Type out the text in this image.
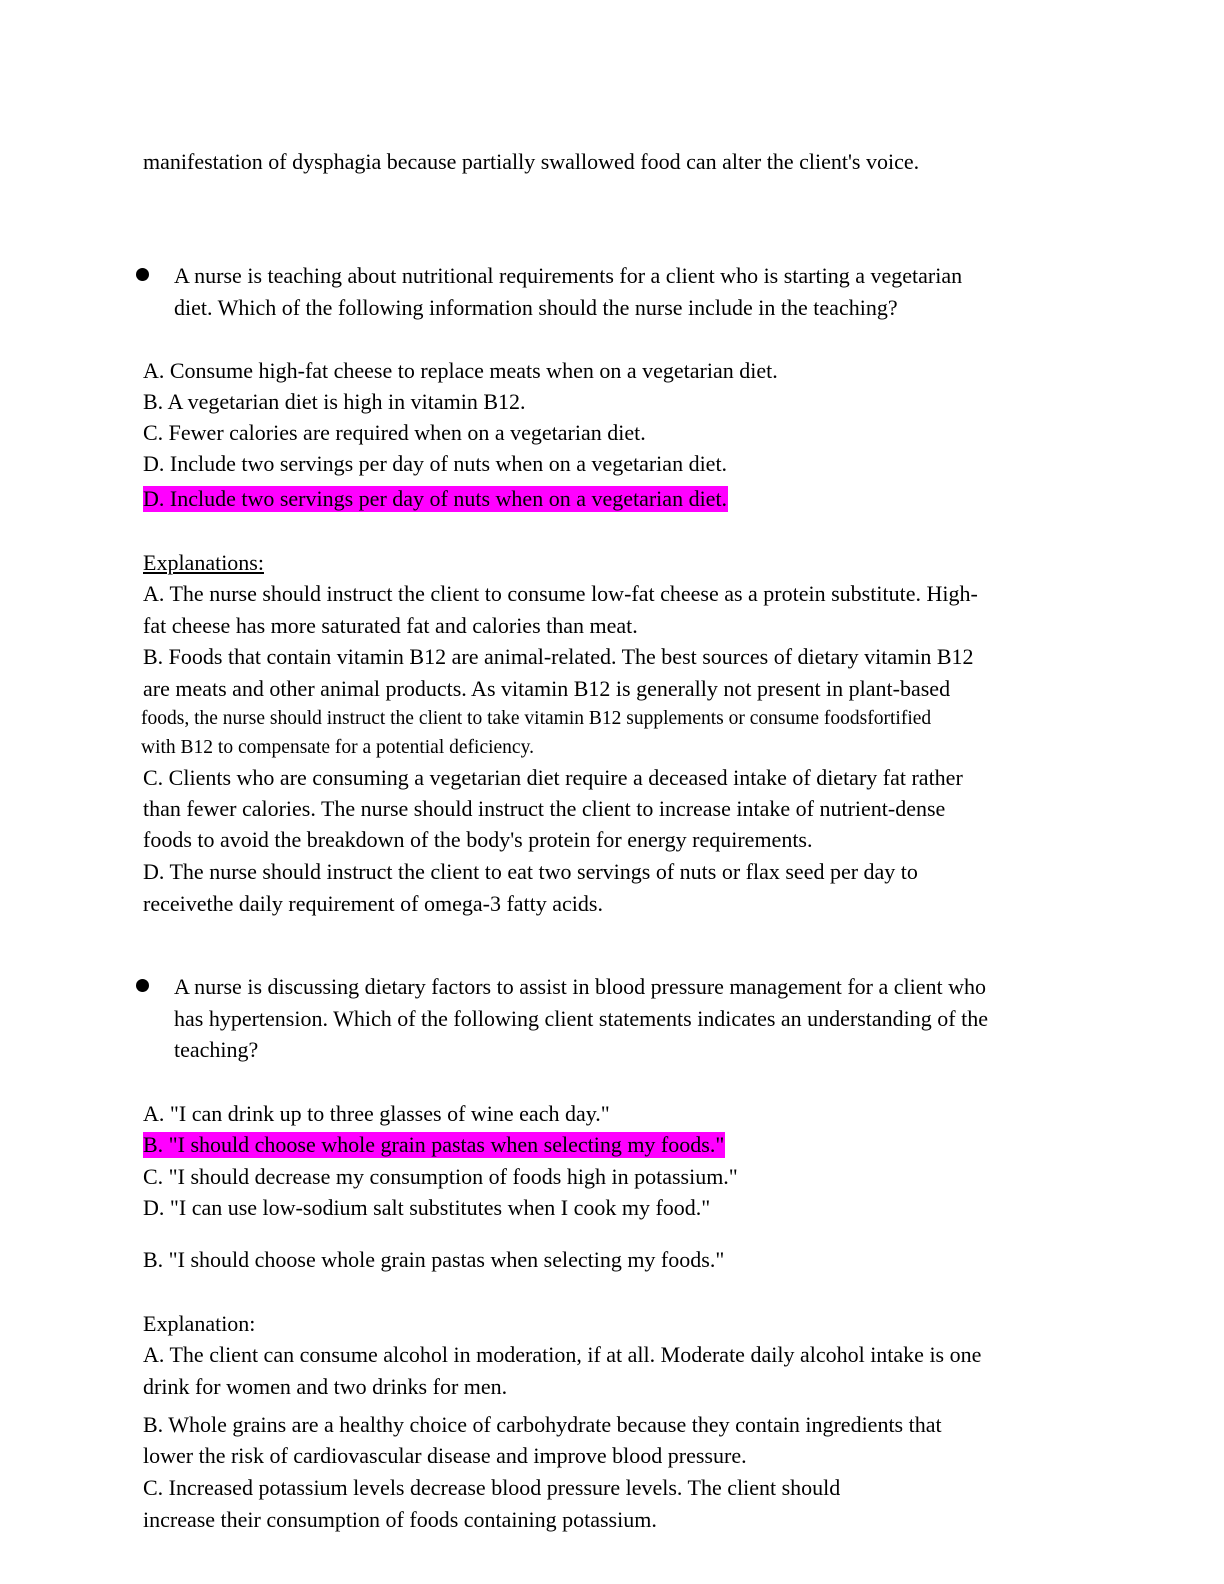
manifestation of dysphagia because partially swallowed food can alter the client's voice.
A nurse is teaching about nutritional requirements for a client who is starting a vegetarian
diet. Which of the following information should the nurse include in the teaching?
A. Consume high-fat cheese to replace meats when on a vegetarian diet.
B. A vegetarian diet is high in vitamin B12.
C. Fewer calories are required when on a vegetarian diet.
D. Include two servings per day of nuts when on a vegetarian diet.
D. Include two servings per day of nuts when on a vegetarian diet.
Explanations:
A. The nurse should instruct the client to consume low-fat cheese as a protein substitute. High-
fat cheese has more saturated fat and calories than meat.
B. Foods that contain vitamin B12 are animal-related. The best sources of dietary vitamin B12
are meats and other animal products. As vitamin B12 is generally not present in plant-based
foods, the nurse should instruct the client to take vitamin B12 supplements or consume foodsfortified
with B12 to compensate for a potential deficiency.
C. Clients who are consuming a vegetarian diet require a deceased intake of dietary fat rather
than fewer calories. The nurse should instruct the client to increase intake of nutrient-dense
foods to avoid the breakdown of the body's protein for energy requirements.
D. The nurse should instruct the client to eat two servings of nuts or flax seed per day to
receivethe daily requirement of omega-3 fatty acids.
A nurse is discussing dietary factors to assist in blood pressure management for a client who
has hypertension. Which of the following client statements indicates an understanding of the
teaching?
A. "I can drink up to three glasses of wine each day."
B. "I should choose whole grain pastas when selecting my foods."
C. "I should decrease my consumption of foods high in potassium."
D. "I can use low-sodium salt substitutes when I cook my food."
B. "I should choose whole grain pastas when selecting my foods."
Explanation:
A. The client can consume alcohol in moderation, if at all. Moderate daily alcohol intake is one
drink for women and two drinks for men.
B. Whole grains are a healthy choice of carbohydrate because they contain ingredients that
lower the risk of cardiovascular disease and improve blood pressure.
C. Increased potassium levels decrease blood pressure levels. The client should
increase their consumption of foods containing potassium.
